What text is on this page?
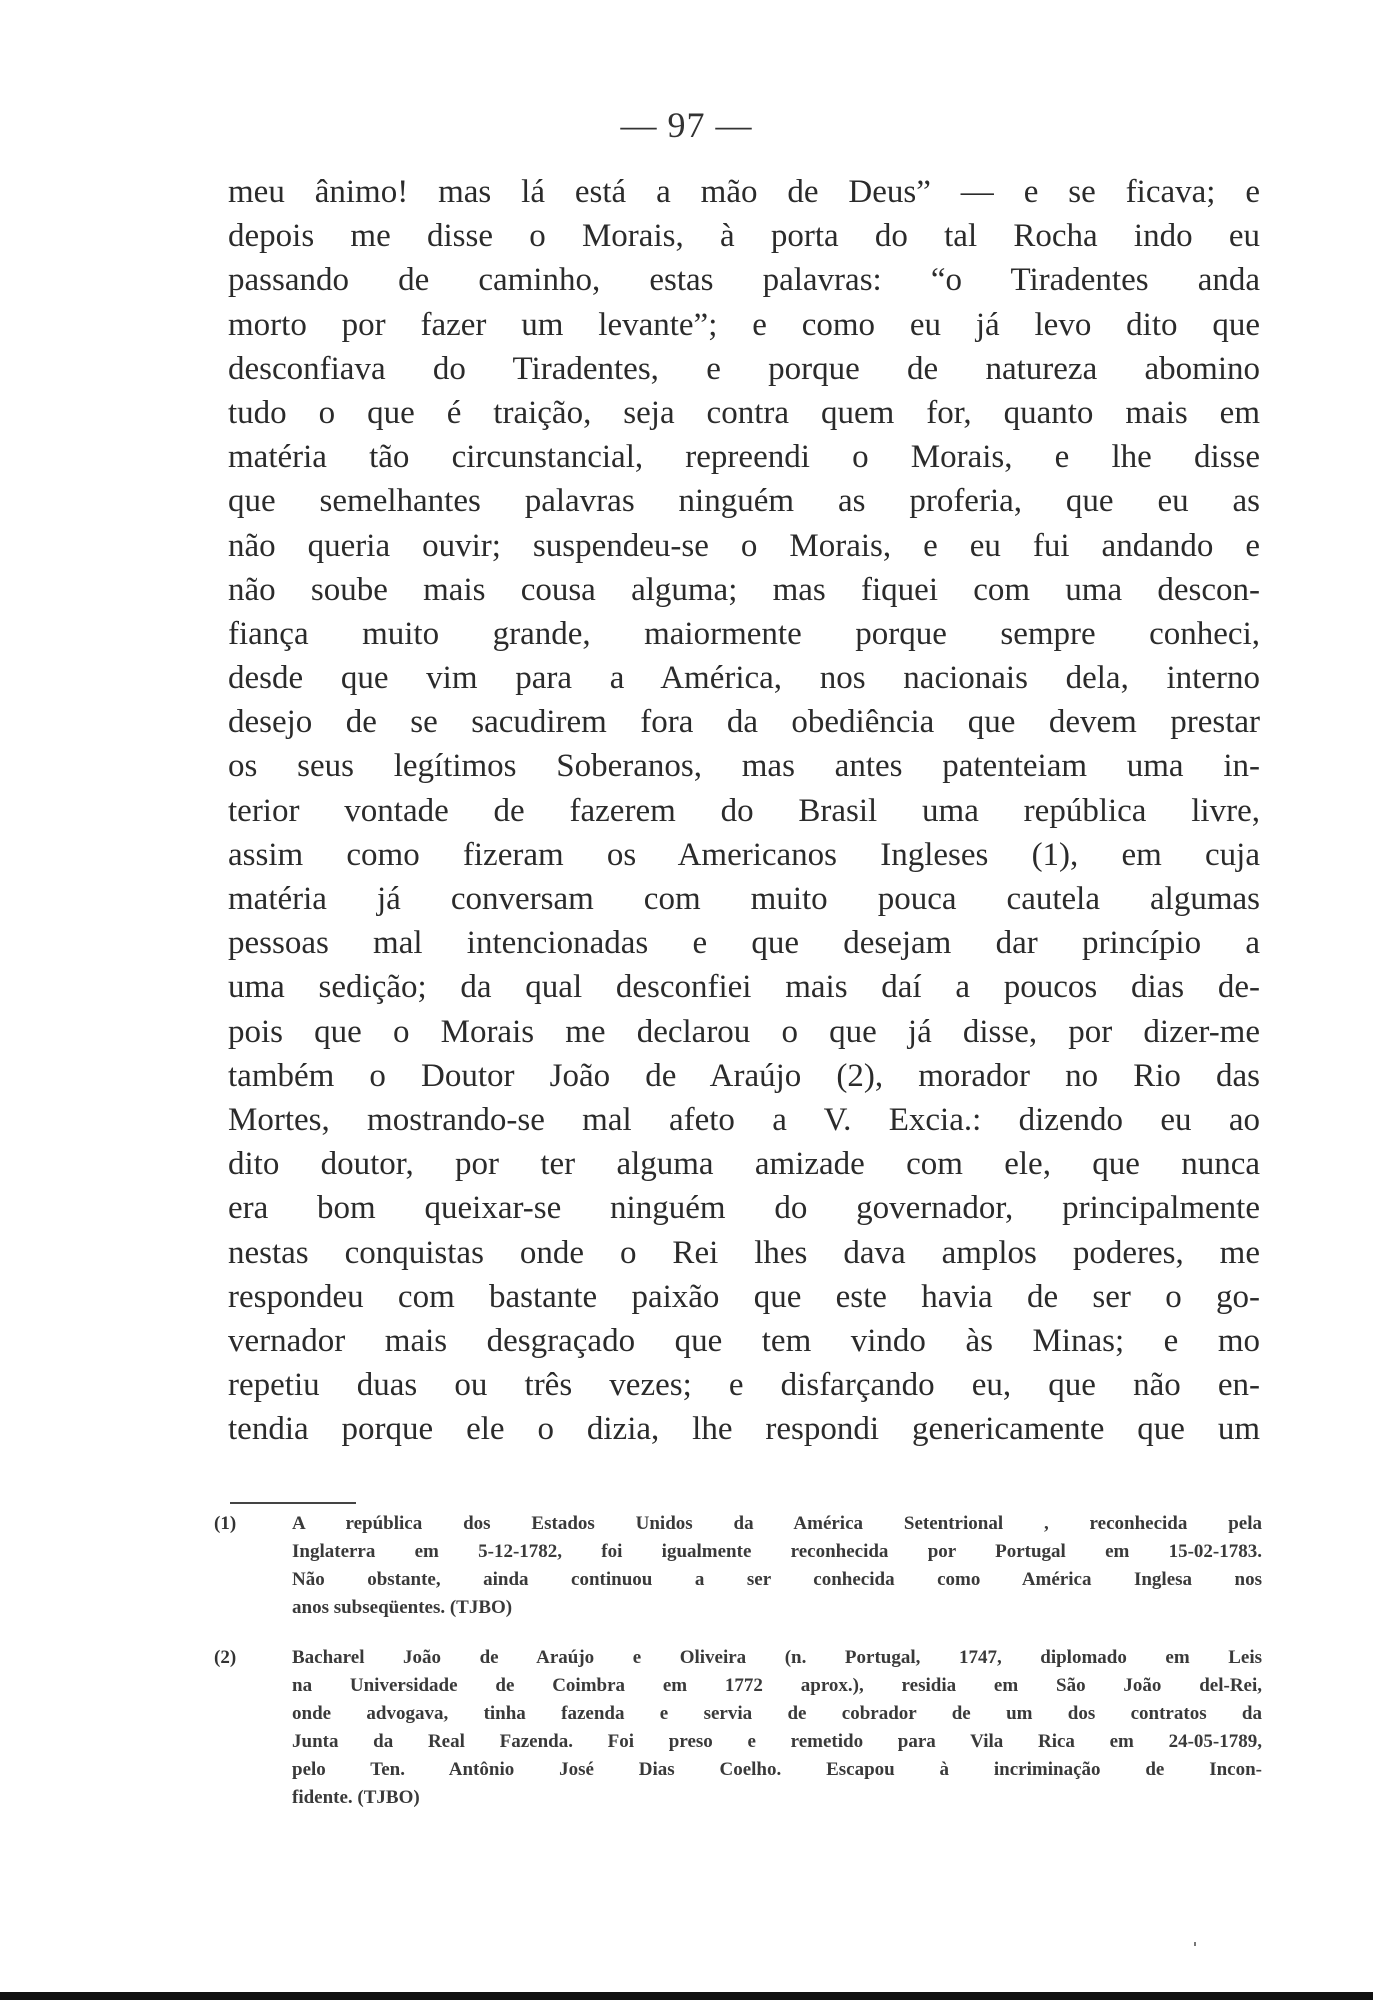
— 97 —
meu ânimo! mas lá está a mão de Deus” — e se ficava; e
depois me disse o Morais, à porta do tal Rocha indo eu
passando de caminho, estas palavras: “o Tiradentes anda
morto por fazer um levante”; e como eu já levo dito que
desconfiava do Tiradentes, e porque de natureza abomino
tudo o que é traição, seja contra quem for, quanto mais em
matéria tão circunstancial, repreendi o Morais, e lhe disse
que semelhantes palavras ninguém as proferia, que eu as
não queria ouvir; suspendeu-se o Morais, e eu fui andando e
não soube mais cousa alguma; mas fiquei com uma descon-
fiança muito grande, maiormente porque sempre conheci,
desde que vim para a América, nos nacionais dela, interno
desejo de se sacudirem fora da obediência que devem prestar
os seus legítimos Soberanos, mas antes patenteiam uma in-
terior vontade de fazerem do Brasil uma república livre,
assim como fizeram os Americanos Ingleses (1), em cuja
matéria já conversam com muito pouca cautela algumas
pessoas mal intencionadas e que desejam dar princípio a
uma sedição; da qual desconfiei mais daí a poucos dias de-
pois que o Morais me declarou o que já disse, por dizer-me
também o Doutor João de Araújo (2), morador no Rio das
Mortes, mostrando-se mal afeto a V. Excia.: dizendo eu ao
dito doutor, por ter alguma amizade com ele, que nunca
era bom queixar-se ninguém do governador, principalmente
nestas conquistas onde o Rei lhes dava amplos poderes, me
respondeu com bastante paixão que este havia de ser o go-
vernador mais desgraçado que tem vindo às Minas; e mo
repetiu duas ou três vezes; e disfarçando eu, que não en-
tendia porque ele o dizia, lhe respondi genericamente que um
(1)	A república dos Estados Unidos da América Setentrional , reconhecida pela
Inglaterra em 5-12-1782, foi igualmente reconhecida por Portugal em 15-02-1783.
Não obstante, ainda continuou a ser conhecida como América Inglesa nos
anos subseqüentes. (TJBO)
(2)	Bacharel João de Araújo e Oliveira (n. Portugal, 1747, diplomado em Leis
na Universidade de Coimbra em 1772 aprox.), residia em São João del-Rei,
onde advogava, tinha fazenda e servia de cobrador de um dos contratos da
Junta da Real Fazenda. Foi preso e remetido para Vila Rica em 24-05-1789,
pelo Ten. Antônio José Dias Coelho. Escapou à incriminação de Incon-
fidente. (TJBO)
